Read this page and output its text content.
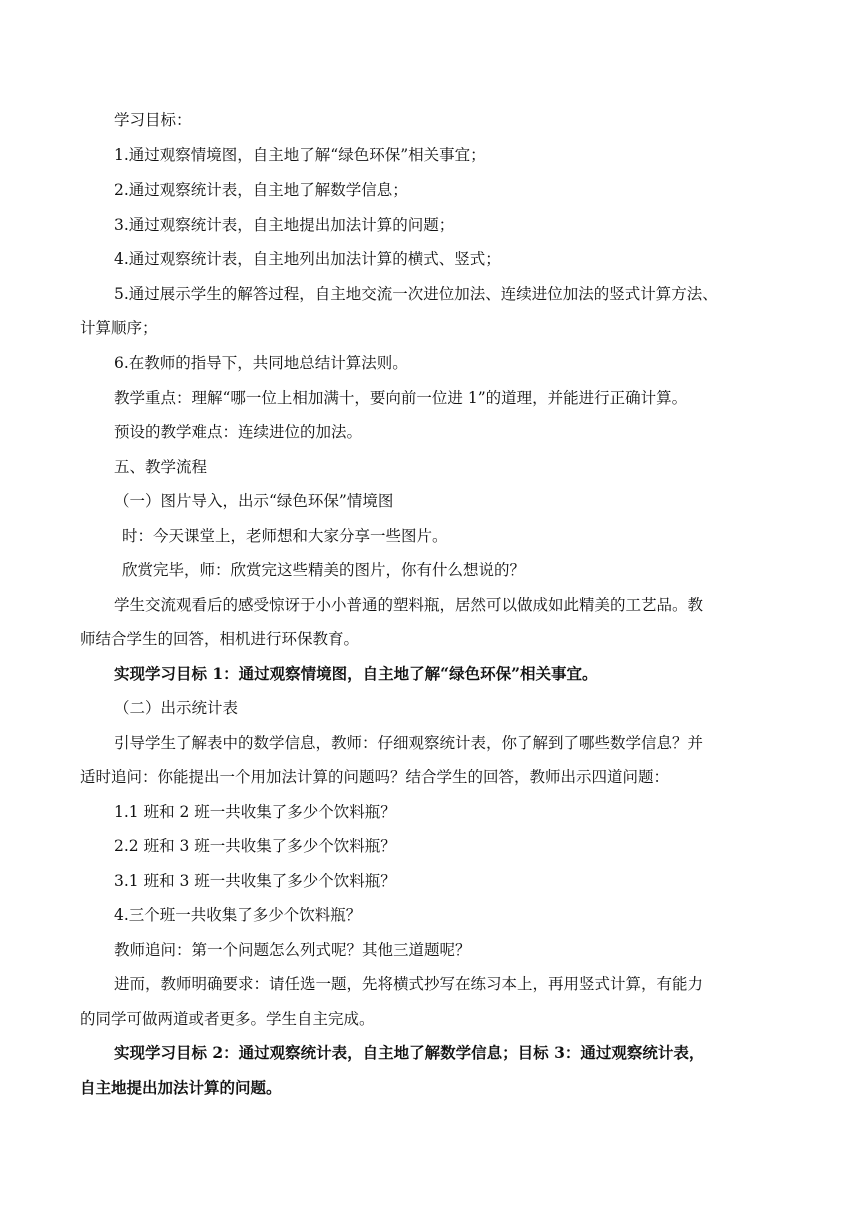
学习目标：
1.通过观察情境图，自主地了解“绿色环保”相关事宜；
2.通过观察统计表，自主地了解数学信息；
3.通过观察统计表，自主地提出加法计算的问题；
4.通过观察统计表，自主地列出加法计算的横式、竖式；
5.通过展示学生的解答过程，自主地交流一次进位加法、连续进位加法的竖式计算方法、
计算顺序；
6.在教师的指导下，共同地总结计算法则。
教学重点：理解“哪一位上相加满十，要向前一位进 1”的道理，并能进行正确计算。
预设的教学难点：连续进位的加法。
五、教学流程
（一）图片导入，出示“绿色环保”情境图
时：今天课堂上，老师想和大家分享一些图片。
欣赏完毕，师：欣赏完这些精美的图片，你有什么想说的？
学生交流观看后的感受惊讶于小小普通的塑料瓶，居然可以做成如此精美的工艺品。教
师结合学生的回答，相机进行环保教育。
实现学习目标 1：通过观察情境图，自主地了解“绿色环保”相关事宜。
（二）出示统计表
引导学生了解表中的数学信息，教师：仔细观察统计表，你了解到了哪些数学信息？并
适时追问：你能提出一个用加法计算的问题吗？结合学生的回答，教师出示四道问题：
1.1 班和 2 班一共收集了多少个饮料瓶？
2.2 班和 3 班一共收集了多少个饮料瓶？
3.1 班和 3 班一共收集了多少个饮料瓶？
4.三个班一共收集了多少个饮料瓶？
教师追问：第一个问题怎么列式呢？其他三道题呢？
进而，教师明确要求：请任选一题，先将横式抄写在练习本上，再用竖式计算，有能力
的同学可做两道或者更多。学生自主完成。
实现学习目标 2：通过观察统计表，自主地了解数学信息；目标 3：通过观察统计表，
自主地提出加法计算的问题。
